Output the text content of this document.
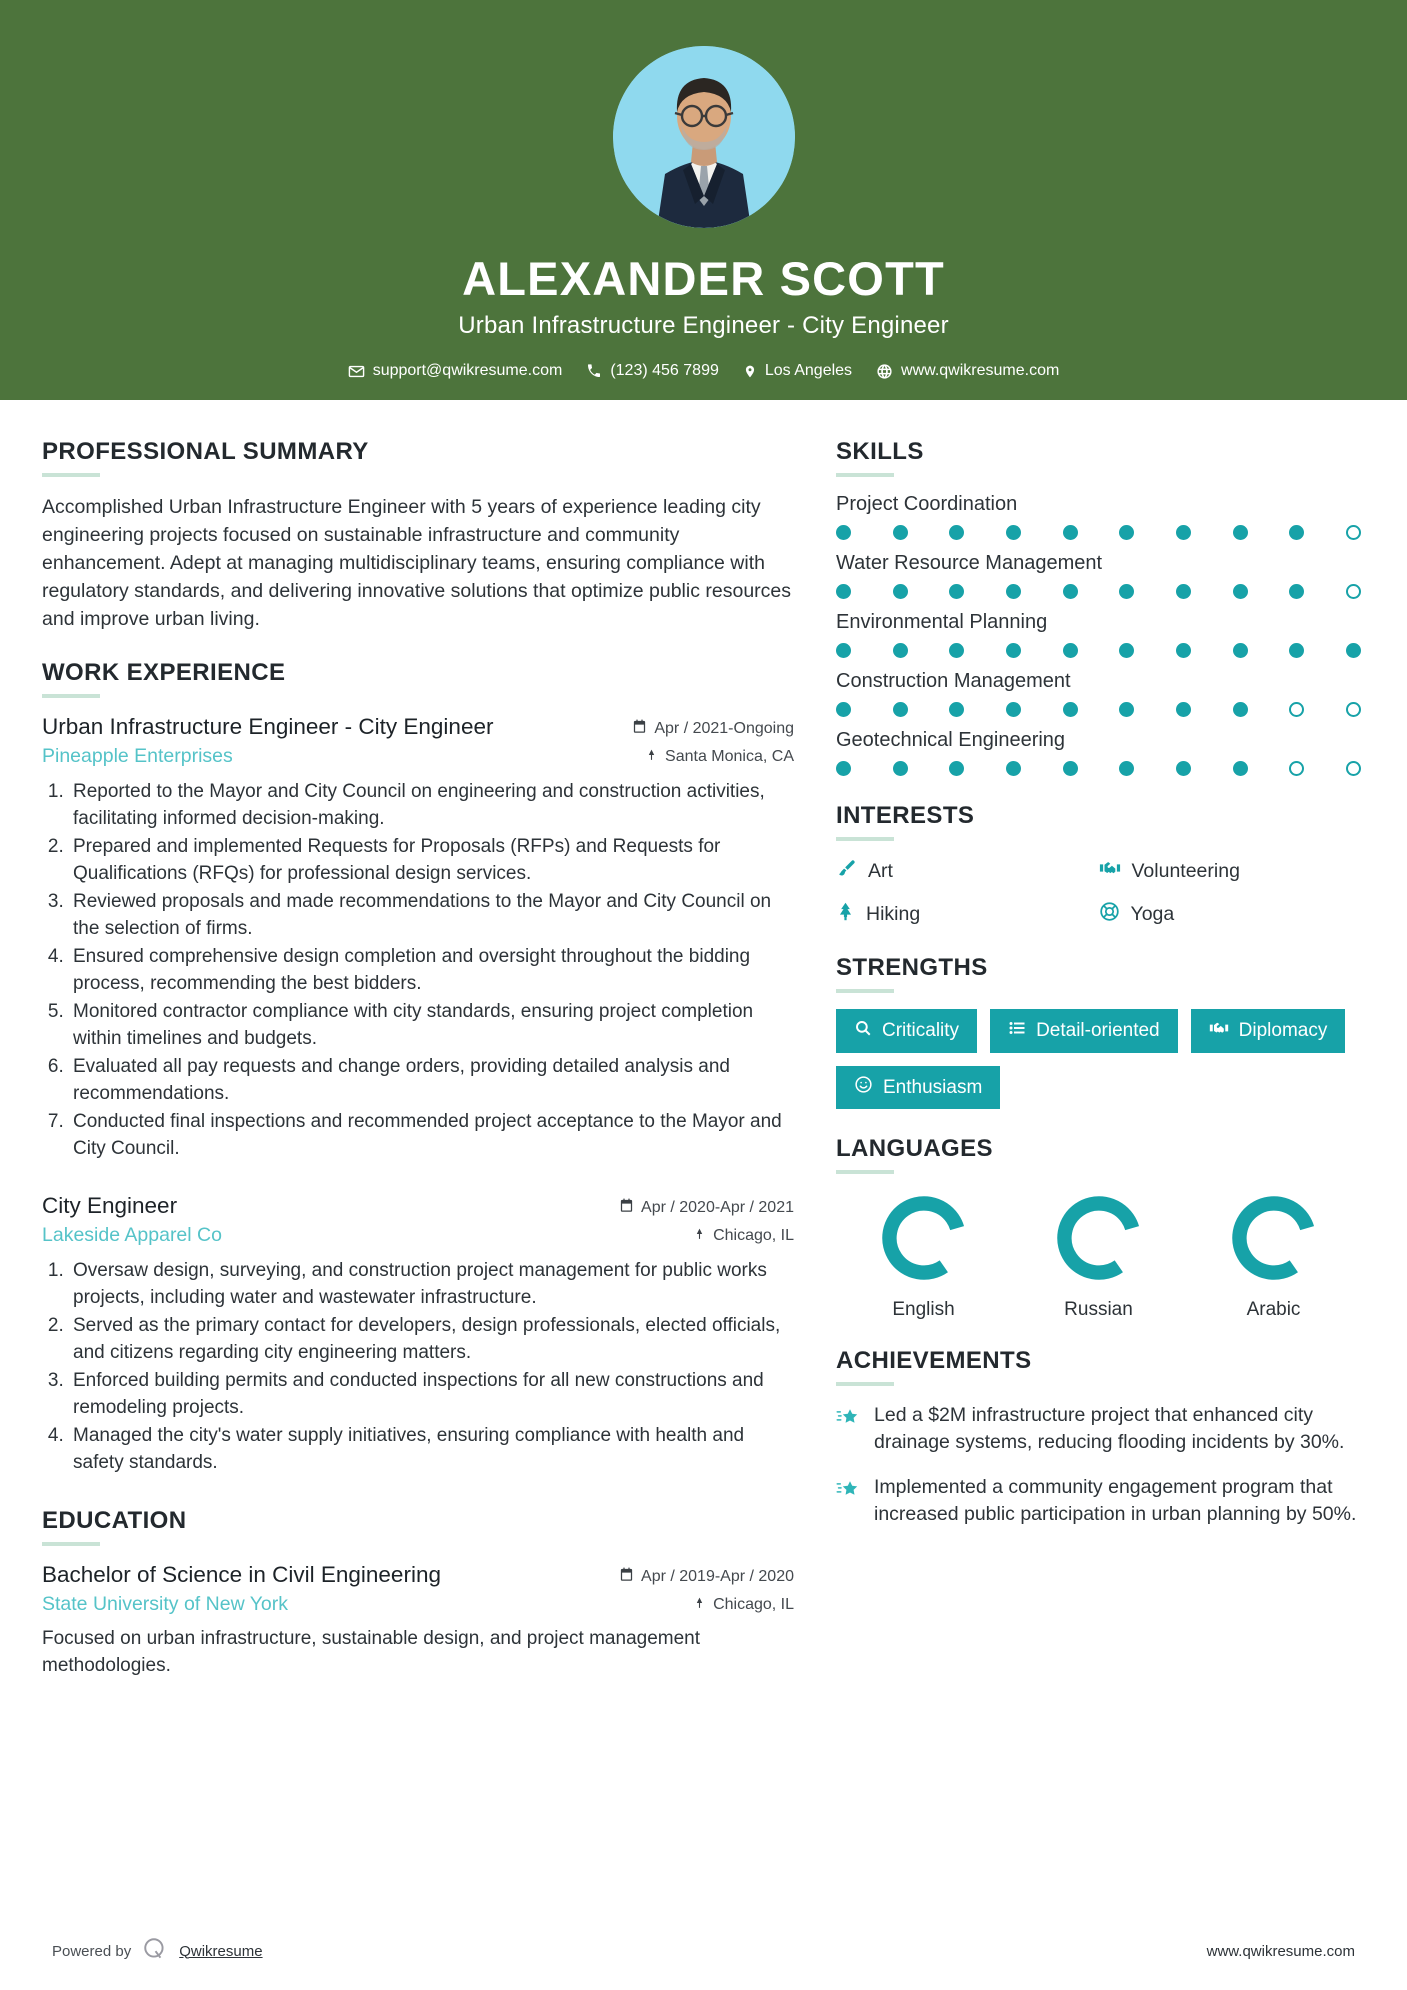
ALEXANDER SCOTT
Urban Infrastructure Engineer - City Engineer
support@qwikresume.com	(123) 456 7899	Los Angeles	www.qwikresume.com
PROFESSIONAL SUMMARY
Accomplished Urban Infrastructure Engineer with 5 years of experience leading city engineering projects focused on sustainable infrastructure and community enhancement. Adept at managing multidisciplinary teams, ensuring compliance with regulatory standards, and delivering innovative solutions that optimize public resources and improve urban living.
WORK EXPERIENCE
Urban Infrastructure Engineer - City Engineer	Apr / 2021-Ongoing
Pineapple Enterprises	Santa Monica, CA
1. Reported to the Mayor and City Council on engineering and construction activities, facilitating informed decision-making.
2. Prepared and implemented Requests for Proposals (RFPs) and Requests for Qualifications (RFQs) for professional design services.
3. Reviewed proposals and made recommendations to the Mayor and City Council on the selection of firms.
4. Ensured comprehensive design completion and oversight throughout the bidding process, recommending the best bidders.
5. Monitored contractor compliance with city standards, ensuring project completion within timelines and budgets.
6. Evaluated all pay requests and change orders, providing detailed analysis and recommendations.
7. Conducted final inspections and recommended project acceptance to the Mayor and City Council.
City Engineer	Apr / 2020-Apr / 2021
Lakeside Apparel Co	Chicago, IL
1. Oversaw design, surveying, and construction project management for public works projects, including water and wastewater infrastructure.
2. Served as the primary contact for developers, design professionals, elected officials, and citizens regarding city engineering matters.
3. Enforced building permits and conducted inspections for all new constructions and remodeling projects.
4. Managed the city's water supply initiatives, ensuring compliance with health and safety standards.
EDUCATION
Bachelor of Science in Civil Engineering	Apr / 2019-Apr / 2020
State University of New York	Chicago, IL
Focused on urban infrastructure, sustainable design, and project management methodologies.
SKILLS
Project Coordination
Water Resource Management
Environmental Planning
Construction Management
Geotechnical Engineering
INTERESTS
Art	Volunteering
Hiking	Yoga
STRENGTHS
Criticality	Detail-oriented	Diplomacy
Enthusiasm
LANGUAGES
English	Russian	Arabic
ACHIEVEMENTS
Led a $2M infrastructure project that enhanced city drainage systems, reducing flooding incidents by 30%.
Implemented a community engagement program that increased public participation in urban planning by 50%.
Powered by	Qwikresume	www.qwikresume.com
